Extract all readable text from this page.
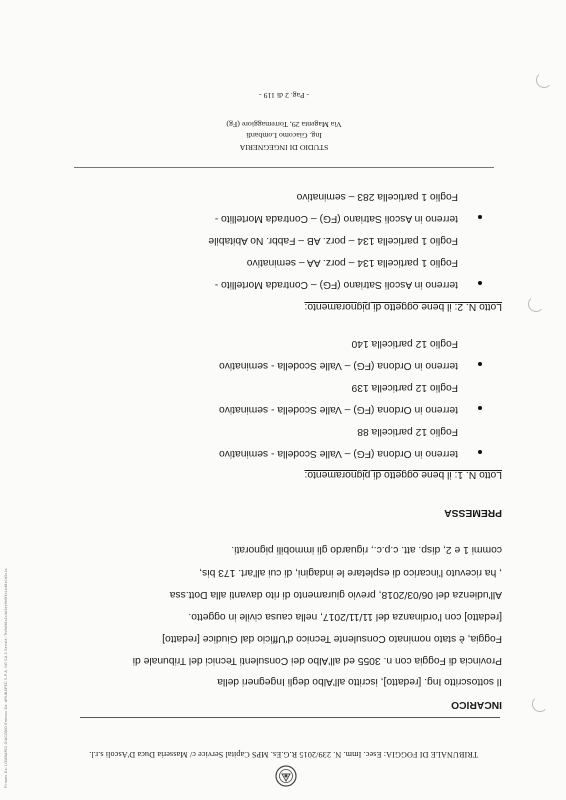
TRIBUNALE DI FOGGIA: Esec. Imm. N. 239/2015 R.G.Es. MPS Capital Service c/ Masseria Duca D'Ascoli s.r.l.
INCARICO
Il sottoscritto Ing. [redatto], iscritto all'Albo degli Ingegneri della
Provincia di Foggia con n. 3055 ed all'Albo dei Consulenti Tecnici del Tribunale di
Foggia, è stato nominato Consulente Tecnico d'Ufficio dal Giudice [redatto]
[redatto] con l'ordinanza del 11/11/2017, nella causa civile in oggetto.
All'udienza del 06/03/2018, previo giuramento di rito davanti alla Dott.ssa
, ha ricevuto l'incarico di espletare le indagini, di cui all'art. 173 bis,
commi 1 e 2, disp. att. c.p.c., riguardo gli immobili pignorati.
PREMESSA
Lotto N. 1: il bene oggetto di pignoramento:
terreno in Ordona (FG) – Valle Scodella - seminativo
Foglio 12 particella 88
terreno in Ordona (FG) – Valle Scodella - seminativo
Foglio 12 particella 139
terreno in Ordona (FG) – Valle Scodella - seminativo
Foglio 12 particella 140
Lotto N. 2: il bene oggetto di pignoramento:
terreno in Ascoli Satriano (FG) – Contrada Mortellito -
Foglio 1 particella 134 – porz. AA – seminativo
Foglio 1 particella 134 – porz. AB – Fabbr. No Abitabile
terreno in Ascoli Satriano (FG) – Contrada Mortellito -
Foglio 1 particella 283 – seminativo
STUDIO DI INGEGNERIA
Ing. Giacomo Lombardi
Via Magenta 29, Torremaggiore (Fg)
- Pag. 2 di 119 -
Firmato Da: LOMBARDI GIACOMO Emesso Da: ARUBAPEC S.P.A. NG CA 3 Serial#: 7fd9d98a2c4d3ee9b6f4c1b48e0d5c1a
